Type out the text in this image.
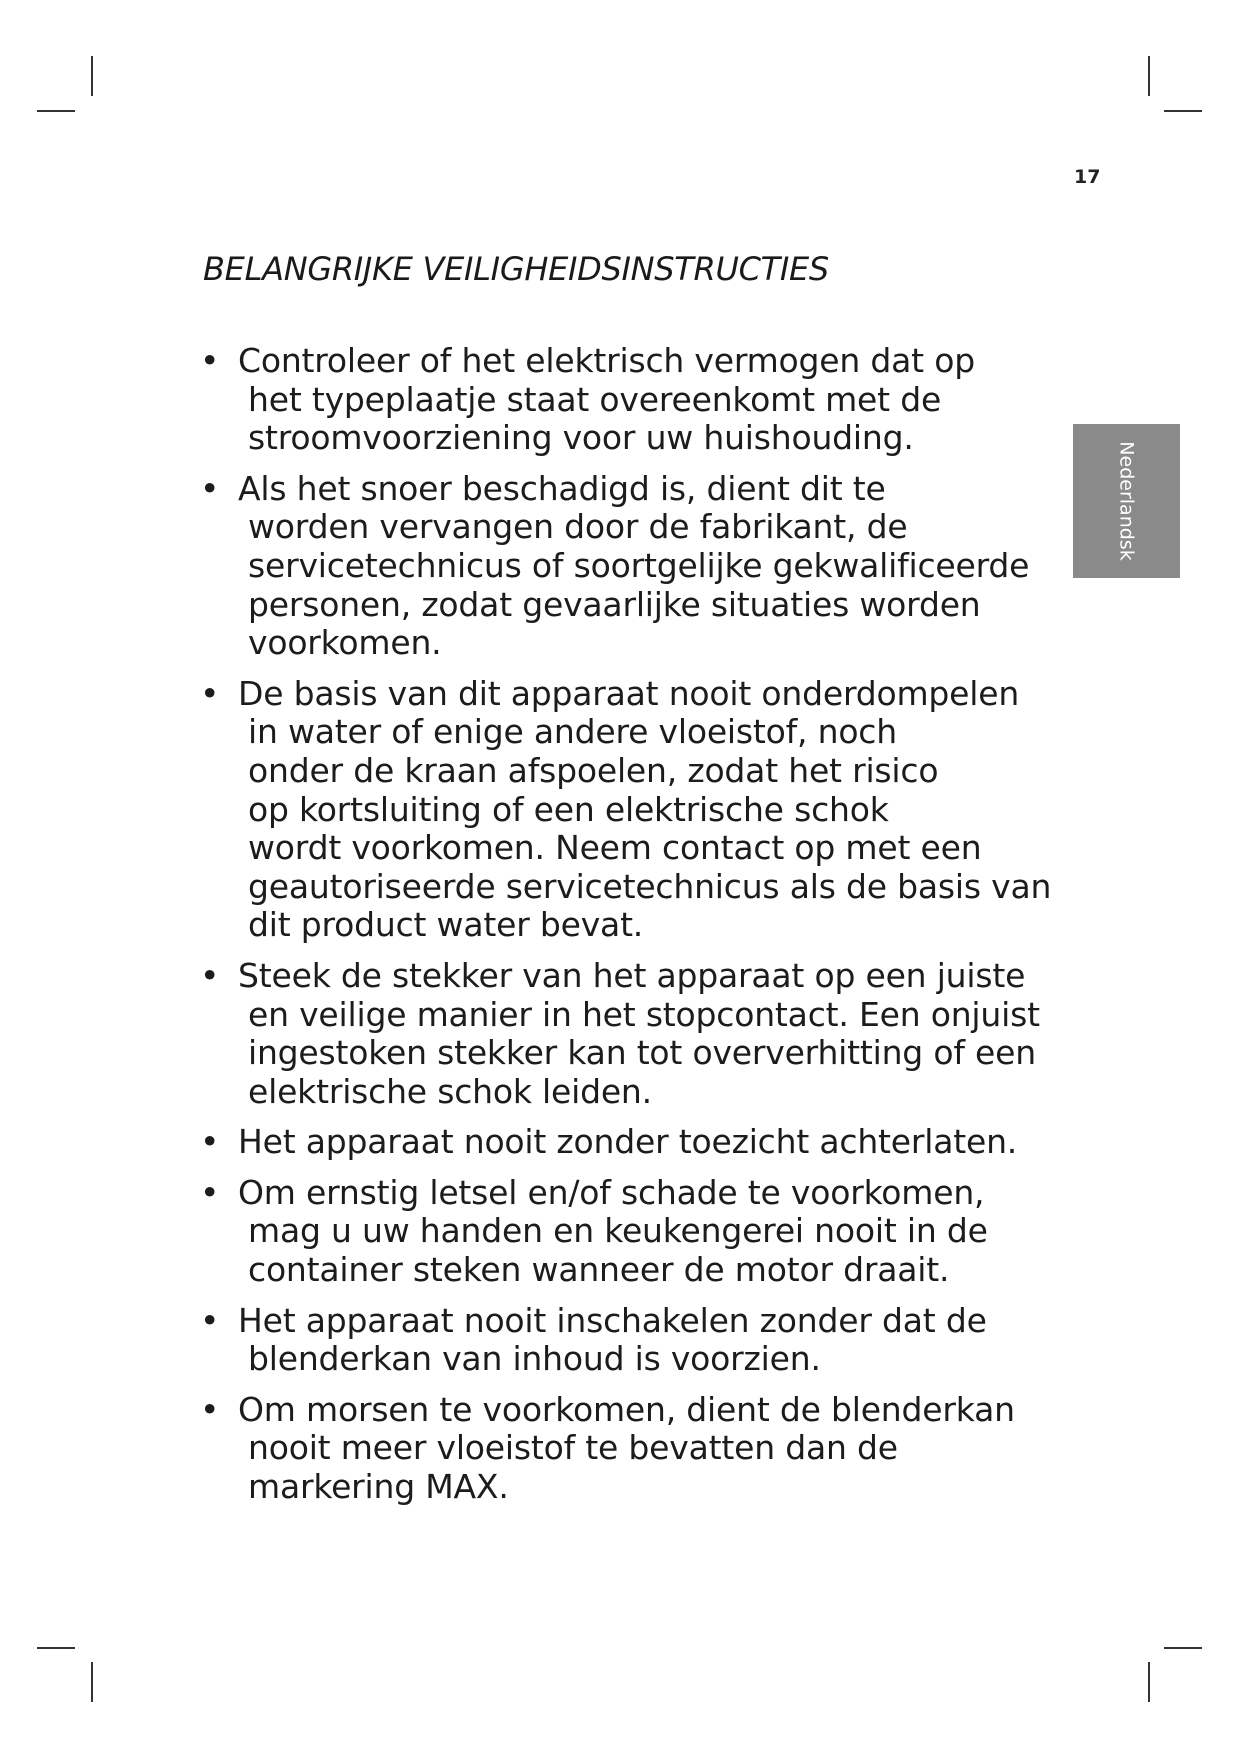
17
BELANGRIJKE VEILIGHEIDSINSTRUCTIES
Nederlandsk
• Controleer of het elektrisch vermogen dat op
het typeplaatje staat overeenkomt met de
stroomvoorziening voor uw huishouding.
• Als het snoer beschadigd is, dient dit te
worden vervangen door de fabrikant, de
servicetechnicus of soortgelijke gekwalificeerde
personen, zodat gevaarlijke situaties worden
voorkomen.
• De basis van dit apparaat nooit onderdompelen
in water of enige andere vloeistof, noch
onder de kraan afspoelen, zodat het risico
op kortsluiting of een elektrische schok
wordt voorkomen. Neem contact op met een
geautoriseerde servicetechnicus als de basis van
dit product water bevat.
• Steek de stekker van het apparaat op een juiste
en veilige manier in het stopcontact. Een onjuist
ingestoken stekker kan tot oververhitting of een
elektrische schok leiden.
• Het apparaat nooit zonder toezicht achterlaten.
• Om ernstig letsel en/of schade te voorkomen,
mag u uw handen en keukengerei nooit in de
container steken wanneer de motor draait.
• Het apparaat nooit inschakelen zonder dat de
blenderkan van inhoud is voorzien.
• Om morsen te voorkomen, dient de blenderkan
nooit meer vloeistof te bevatten dan de
markering MAX.
